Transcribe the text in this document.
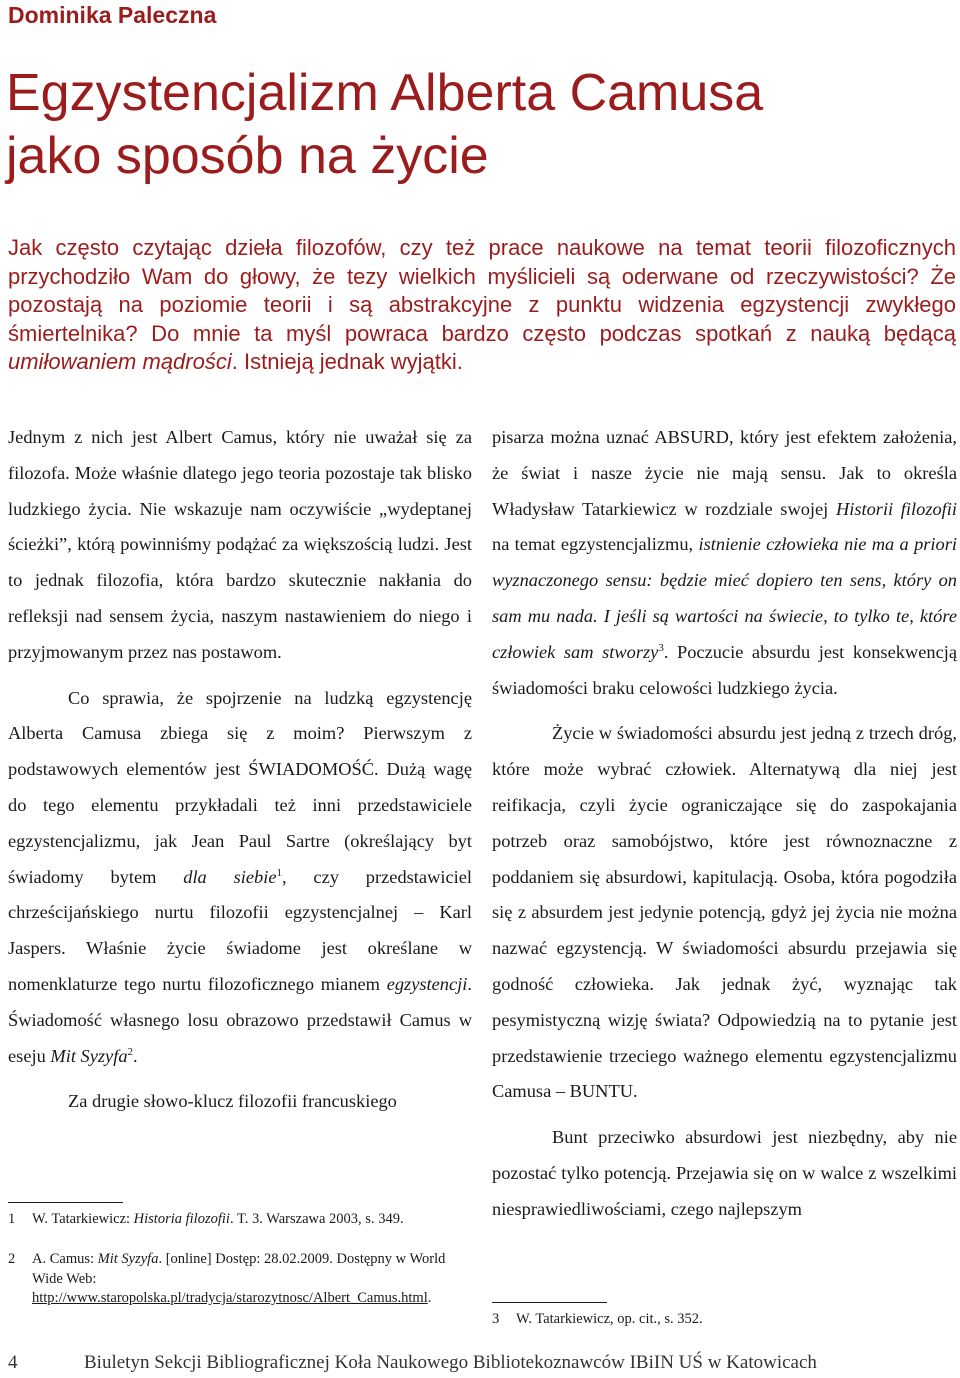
Dominika Paleczna
Egzystencjalizm Alberta Camusa
jako sposób na życie

Jak często czytając dzieła filozofów, czy też prace naukowe na temat teorii filozoficznych przychodziło Wam do głowy, że tezy wielkich myślicieli są oderwane od rzeczywistości? Że pozostają na poziomie teorii i są abstrakcyjne z punktu widzenia egzystencji zwykłego śmiertelnika? Do mnie ta myśl powraca bardzo często podczas spotkań z nauką będącą umiłowaniem mądrości. Istnieją jednak wyjątki.

Jednym z nich jest Albert Camus, który nie uważał się za filozofa. Może właśnie dlatego jego teoria pozostaje tak blisko ludzkiego życia. Nie wskazuje nam oczywiście „wydeptanej ścieżki”, którą powinniśmy podążać za większością ludzi. Jest to jednak filozofia, która bardzo skutecznie nakłania do refleksji nad sensem życia, naszym nastawieniem do niego i przyjmowanym przez nas postawom.

Co sprawia, że spojrzenie na ludzką egzystencję Alberta Camusa zbiega się z moim? Pierwszym z podstawowych elementów jest ŚWIADOMOŚĆ. Dużą wagę do tego elementu przykładali też inni przedstawiciele egzystencjalizmu, jak Jean Paul Sartre (określający byt świadomy bytem dla siebie$^1$, czy przedstawiciel chrześcijańskiego nurtu filozofii egzystencjalnej – Karl Jaspers. Właśnie życie świadome jest określane w nomenklaturze tego nurtu filozoficznego mianem egzystencji. Świadomość własnego losu obrazowo przedstawił Camus w eseju Mit Syzyfa$^2$.

Za drugie słowo-klucz filozofii francuskiego

pisarza można uznać ABSURD, który jest efektem założenia, że świat i nasze życie nie mają sensu. Jak to określa Władysław Tatarkiewicz w rozdziale swojej Historii filozofii na temat egzystencjalizmu, istnienie człowieka nie ma a priori wyznaczonego sensu: będzie mieć dopiero ten sens, który on sam mu nada. I jeśli są wartości na świecie, to tylko te, które człowiek sam stworzy$^3$. Poczucie absurdu jest konsekwencją świadomości braku celowości ludzkiego życia.

Życie w świadomości absurdu jest jedną z trzech dróg, które może wybrać człowiek. Alternatywą dla niej jest reifikacja, czyli życie ograniczające się do zaspokajania potrzeb oraz samobójstwo, które jest równoznaczne z poddaniem się absurdowi, kapitulacją. Osoba, która pogodziła się z absurdem jest jedynie potencją, gdyż jej życia nie można nazwać egzystencją. W świadomości absurdu przejawia się godność człowieka. Jak jednak żyć, wyznając tak pesymistyczną wizję świata? Odpowiedzią na to pytanie jest przedstawienie trzeciego ważnego elementu egzystencjalizmu Camusa – BUNTU.

Bunt przeciwko absurdowi jest niezbędny, aby nie pozostać tylko potencją. Przejawia się on w walce z wszelkimi niesprawiedliwościami, czego najlepszym

1 W. Tatarkiewicz: Historia filozofii. T. 3. Warszawa 2003, s. 349.
2 A. Camus: Mit Syzyfa. [online] Dostęp: 28.02.2009. Dostępny w World Wide Web: http://www.staropolska.pl/tradycja/starozytnosc/Albert_Camus.html.
3 W. Tatarkiewicz, op. cit., s. 352.
4	Biuletyn Sekcji Bibliograficznej Koła Naukowego Bibliotekoznawców IBiIN UŚ w Katowicach
